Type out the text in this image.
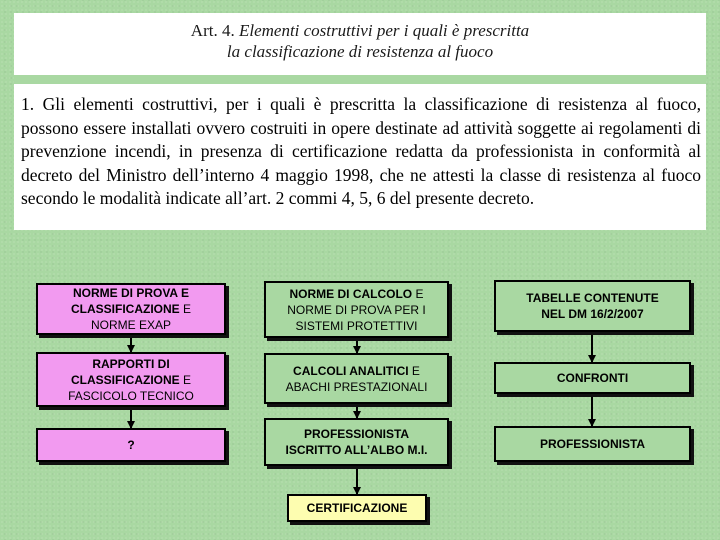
Art. 4. Elementi costruttivi per i quali è prescritta
la classificazione di resistenza al fuoco
1. Gli elementi costruttivi, per i quali è prescritta la classificazione di resistenza al fuoco, possono essere installati ovvero costruiti in opere destinate ad attività soggette ai regolamenti di prevenzione incendi, in presenza di certificazione redatta da professionista in conformità al decreto del Ministro dell’interno 4 maggio 1998, che ne attesti la classe di resistenza al fuoco secondo le modalità indicate all’art. 2 commi 4, 5, 6 del presente decreto.
NORME DI PROVA E
CLASSIFICAZIONE E
NORME EXAP
RAPPORTI DI
CLASSIFICAZIONE E
FASCICOLO TECNICO
?
NORME DI CALCOLO E
NORME DI PROVA PER I
SISTEMI PROTETTIVI
CALCOLI ANALITICI E
ABACHI PRESTAZIONALI
PROFESSIONISTA
ISCRITTO ALL’ALBO M.I.
TABELLE CONTENUTE
NEL DM 16/2/2007
CONFRONTI
PROFESSIONISTA
CERTIFICAZIONE
